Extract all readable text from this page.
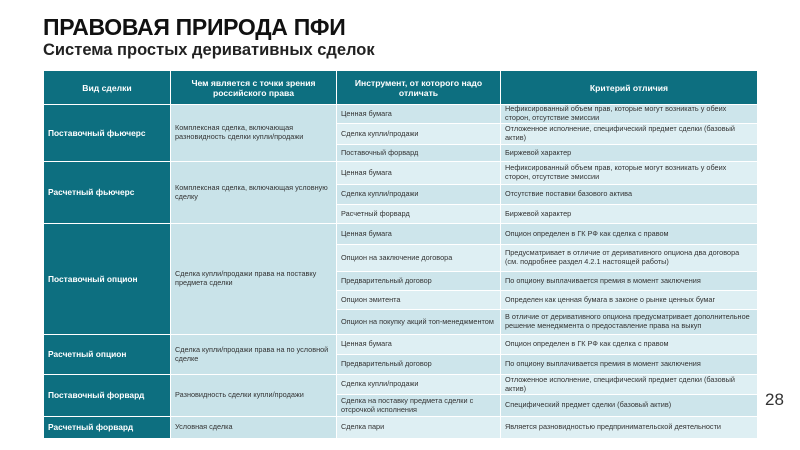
ПРАВОВАЯ ПРИРОДА ПФИ
Система простых деривативных сделок
Вид сделки	Чем является с точки зрения российского права	Инструмент, от которого надо отличать	Критерий отличия
Поставочный фьючерс	Комплексная сделка, включающая разновидность сделки купли/продажи	Ценная бумага	Нефиксированный объем прав, которые могут возникать у обеих сторон, отсутствие эмиссии
		Сделка купли/продажи	Отложенное исполнение, специфический предмет сделки (базовый актив)
		Поставочный форвард	Биржевой характер
Расчетный фьючерс	Комплексная сделка, включающая условную сделку	Ценная бумага	Нефиксированный объем прав, которые могут возникать у обеих сторон, отсутствие эмиссии
		Сделка купли/продажи	Отсутствие поставки базового актива
		Расчетный форвард	Биржевой характер
Поставочный опцион	Сделка купли/продажи права на поставку предмета сделки	Ценная бумага	Опцион определен в ГК РФ как сделка с правом
		Опцион на заключение договора	Предусматривает в отличие от деривативного опциона два договора (см. подробнее раздел 4.2.1 настоящей работы)
		Предварительный договор	По опциону выплачивается премия в момент заключения
		Опцион эмитента	Определен как ценная бумага в законе о рынке ценных бумаг
		Опцион на покупку акций топ-менеджментом	В отличие от деривативного опциона предусматривает дополнительное решение менеджмента о предоставление права на выкуп
Расчетный опцион	Сделка купли/продажи права на по условной сделке	Ценная бумага	Опцион определен в ГК РФ как сделка с правом
		Предварительный договор	По опциону выплачивается премия в момент заключения
Поставочный форвард	Разновидность сделки купли/продажи	Сделка купли/продажи	Отложенное исполнение, специфический предмет сделки (базовый актив)
		Сделка на поставку предмета сделки с отсрочкой исполнения	Специфический предмет сделки (базовый актив)
Расчетный форвард	Условная сделка	Сделка пари	Является разновидностью предпринимательской деятельности
28
